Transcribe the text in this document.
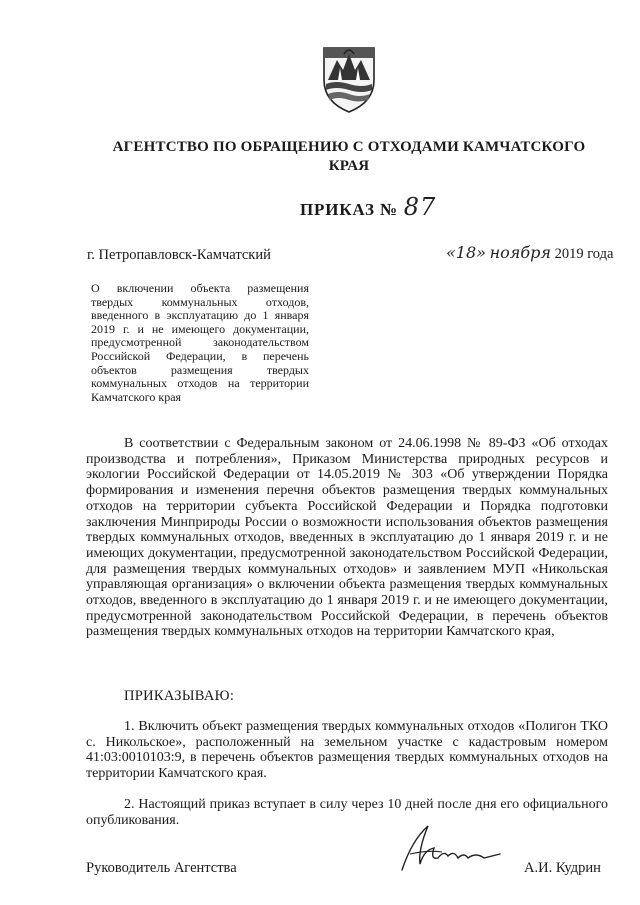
АГЕНТСТВО ПО ОБРАЩЕНИЮ С ОТХОДАМИ КАМЧАТСКОГО
КРАЯ
ПРИКАЗ № 87
г. Петропавловск-Камчатский	«18» ноября 2019 года
О включении объекта размещения твердых коммунальных отходов, введенного в эксплуатацию до 1 января 2019 г. и не имеющего документации, предусмотренной законодательством Российской Федерации, в перечень объектов размещения твердых коммунальных отходов на территории Камчатского края
В соответствии с Федеральным законом от 24.06.1998 № 89-ФЗ «Об отходах производства и потребления», Приказом Министерства природных ресурсов и экологии Российской Федерации от 14.05.2019 № 303 «Об утверждении Порядка формирования и изменения перечня объектов размещения твердых коммунальных отходов на территории субъекта Российской Федерации и Порядка подготовки заключения Минприроды России о возможности использования объектов размещения твердых коммунальных отходов, введенных в эксплуатацию до 1 января 2019 г. и не имеющих документации, предусмотренной законодательством Российской Федерации, для размещения твердых коммунальных отходов» и заявлением МУП «Никольская управляющая организация» о включении объекта размещения твердых коммунальных отходов, введенного в эксплуатацию до 1 января 2019 г. и не имеющего документации, предусмотренной законодательством Российской Федерации, в перечень объектов размещения твердых коммунальных отходов на территории Камчатского края,
ПРИКАЗЫВАЮ:
1. Включить объект размещения твердых коммунальных отходов «Полигон ТКО с. Никольское», расположенный на земельном участке с кадастровым номером 41:03:0010103:9, в перечень объектов размещения твердых коммунальных отходов на территории Камчатского края.
2. Настоящий приказ вступает в силу через 10 дней после дня его официального опубликования.
Руководитель Агентства	А.И. Кудрин
